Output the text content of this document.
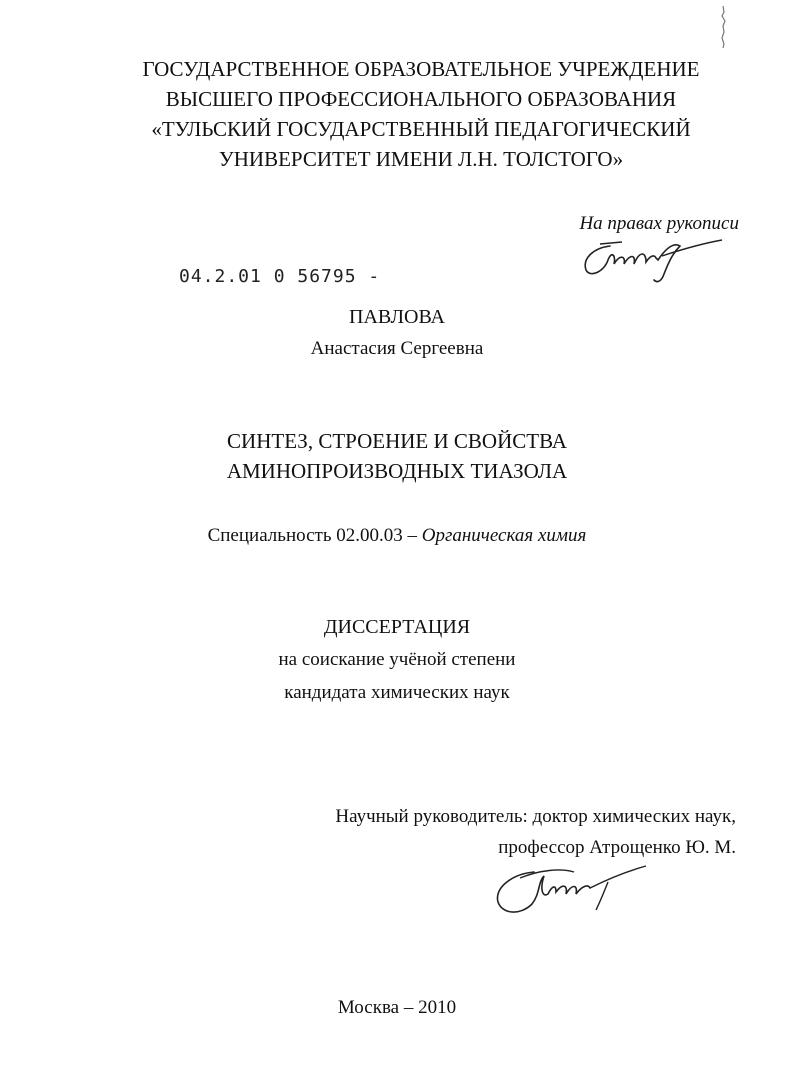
ГОСУДАРСТВЕННОЕ ОБРАЗОВАТЕЛЬНОЕ УЧРЕЖДЕНИЕ
ВЫСШЕГО ПРОФЕССИОНАЛЬНОГО ОБРАЗОВАНИЯ
«ТУЛЬСКИЙ ГОСУДАРСТВЕННЫЙ ПЕДАГОГИЧЕСКИЙ
УНИВЕРСИТЕТ ИМЕНИ Л.Н. ТОЛСТОГО»
На правах рукописи
04.2.01 0 56795 -
ПАВЛОВА
Анастасия Сергеевна
СИНТЕЗ, СТРОЕНИЕ И СВОЙСТВА
АМИНОПРОИЗВОДНЫХ ТИАЗОЛА
Специальность 02.00.03 – Органическая химия
ДИССЕРТАЦИЯ
на соискание учёной степени
кандидата химических наук
Научный руководитель: доктор химических наук,
профессор Атрощенко Ю. М.
Москва – 2010
